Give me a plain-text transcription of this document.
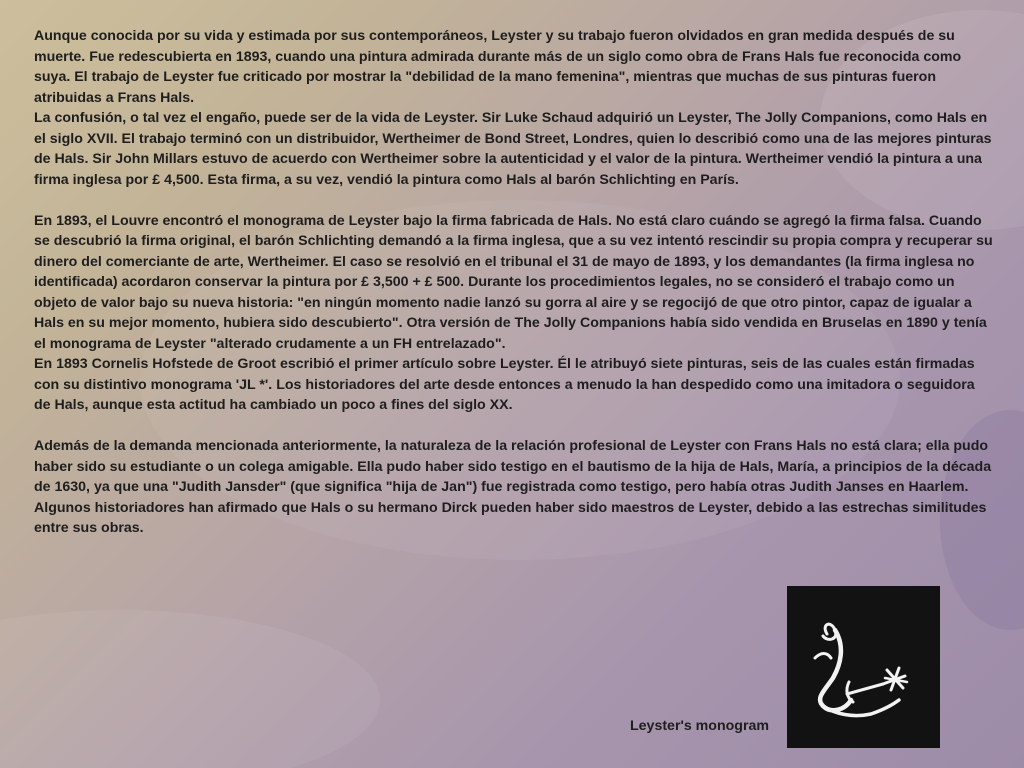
Aunque conocida por su vida y estimada por sus contemporáneos, Leyster y su trabajo fueron olvidados en gran medida después de su muerte. Fue redescubierta en 1893, cuando una pintura admirada durante más de un siglo como obra de Frans Hals fue reconocida como suya. El trabajo de Leyster fue criticado por mostrar la "debilidad de la mano femenina", mientras que muchas de sus pinturas fueron atribuidas a Frans Hals.

La confusión, o tal vez el engaño, puede ser de la vida de Leyster. Sir Luke Schaud adquirió un Leyster, The Jolly Companions, como Hals en el siglo XVII. El trabajo terminó con un distribuidor, Wertheimer de Bond Street, Londres, quien lo describió como una de las mejores pinturas de Hals. Sir John Millars estuvo de acuerdo con Wertheimer sobre la autenticidad y el valor de la pintura. Wertheimer vendió la pintura a una firma inglesa por £ 4,500. Esta firma, a su vez, vendió la pintura como Hals al barón Schlichting en París.

En 1893, el Louvre encontró el monograma de Leyster bajo la firma fabricada de Hals. No está claro cuándo se agregó la firma falsa. Cuando se descubrió la firma original, el barón Schlichting demandó a la firma inglesa, que a su vez intentó rescindir su propia compra y recuperar su dinero del comerciante de arte, Wertheimer. El caso se resolvió en el tribunal el 31 de mayo de 1893, y los demandantes (la firma inglesa no identificada) acordaron conservar la pintura por £ 3,500 + £ 500. Durante los procedimientos legales, no se consideró el trabajo como un objeto de valor bajo su nueva historia: "en ningún momento nadie lanzó su gorra al aire y se regocijó de que otro pintor, capaz de igualar a Hals en su mejor momento, hubiera sido descubierto". Otra versión de The Jolly Companions había sido vendida en Bruselas en 1890 y tenía el monograma de Leyster "alterado crudamente a un FH entrelazado".

En 1893 Cornelis Hofstede de Groot escribió el primer artículo sobre Leyster. Él le atribuyó siete pinturas, seis de las cuales están firmadas con su distintivo monograma 'JL *'. Los historiadores del arte desde entonces a menudo la han despedido como una imitadora o seguidora de Hals, aunque esta actitud ha cambiado un poco a fines del siglo XX.

Además de la demanda mencionada anteriormente, la naturaleza de la relación profesional de Leyster con Frans Hals no está clara; ella pudo haber sido su estudiante o un colega amigable. Ella pudo haber sido testigo en el bautismo de la hija de Hals, María, a principios de la década de 1630, ya que una "Judith Jansder" (que significa "hija de Jan") fue registrada como testigo, pero había otras Judith Janses en Haarlem. Algunos historiadores han afirmado que Hals o su hermano Dirck pueden haber sido maestros de Leyster, debido a las estrechas similitudes entre sus obras.

Leyster's monogram
